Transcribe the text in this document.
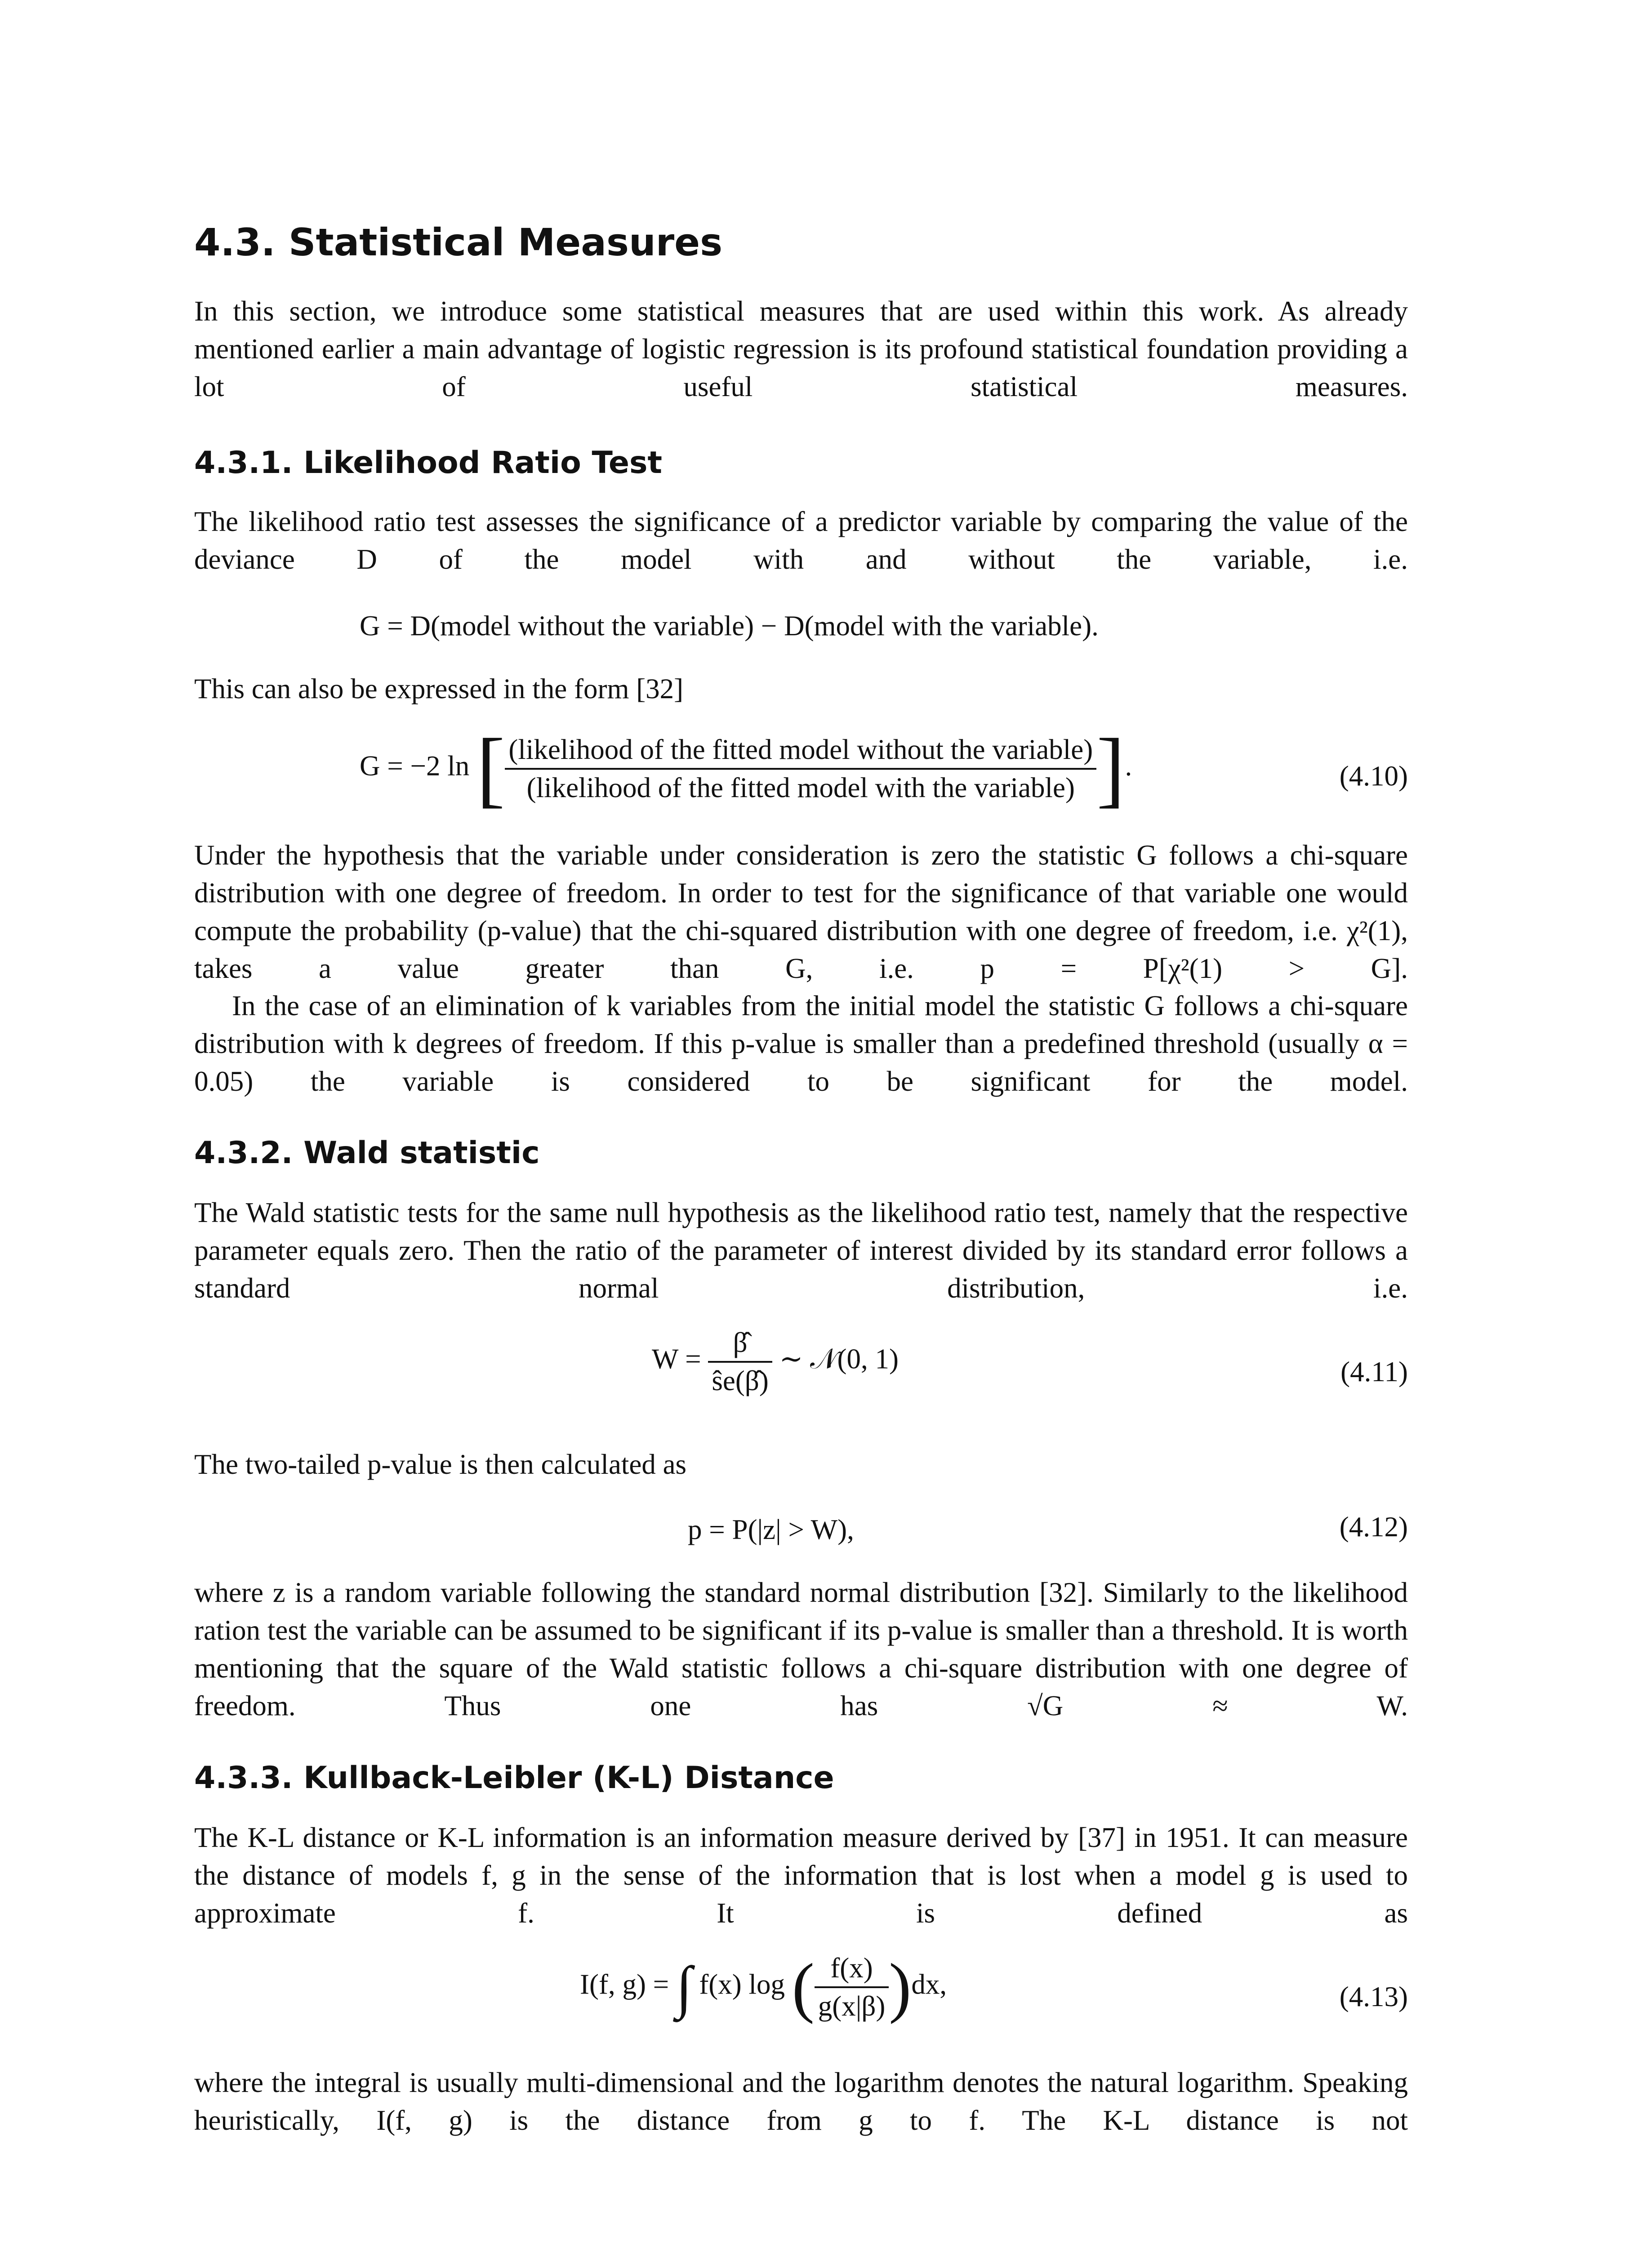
4.3. Statistical Measures
In this section, we introduce some statistical measures that are used within this work. As already mentioned earlier a main advantage of logistic regression is its profound statistical foundation providing a lot of useful statistical measures.
4.3.1. Likelihood Ratio Test
The likelihood ratio test assesses the significance of a predictor variable by comparing the value of the deviance D of the model with and without the variable, i.e.
G = D(model without the variable) − D(model with the variable).
This can also be expressed in the form [32]
G = −2 ln [ $\frac{\text{(likelihood of the fitted model without the variable)}}{\text{(likelihood of the fitted model with the variable)}}$ ].	(4.10)
Under the hypothesis that the variable under consideration is zero the statistic G follows a chi-square distribution with one degree of freedom. In order to test for the significance of that variable one would compute the probability (p-value) that the chi-squared distribution with one degree of freedom, i.e. χ²(1), takes a value greater than G, i.e. p = P[χ²(1) > G].
In the case of an elimination of k variables from the initial model the statistic G follows a chi-square distribution with k degrees of freedom. If this p-value is smaller than a predefined threshold (usually α = 0.05) the variable is considered to be significant for the model.
4.3.2. Wald statistic
The Wald statistic tests for the same null hypothesis as the likelihood ratio test, namely that the respective parameter equals zero. Then the ratio of the parameter of interest divided by its standard error follows a standard normal distribution, i.e.
$W = \frac{\betâ}{ŝe(\betâ)}$ ∼ 𝒩(0, 1)	(4.11)
The two-tailed p-value is then calculated as
p = P(|z| > W),	(4.12)
where z is a random variable following the standard normal distribution [32]. Similarly to the likelihood ration test the variable can be assumed to be significant if its p-value is smaller than a threshold. It is worth mentioning that the square of the Wald statistic follows a chi-square distribution with one degree of freedom. Thus one has √G ≈ W.
4.3.3. Kullback-Leibler (K-L) Distance
The K-L distance or K-L information is an information measure derived by [37] in 1951. It can measure the distance of models f, g in the sense of the information that is lost when a model g is used to approximate f. It is defined as
I(f, g) = ∫ f(x) log ( $\frac{f(x)}{g(x|\beta)} )dx$,	(4.13)
where the integral is usually multi-dimensional and the logarithm denotes the natural logarithm. Speaking heuristically, I(f, g) is the distance from g to f. The K-L distance is not
